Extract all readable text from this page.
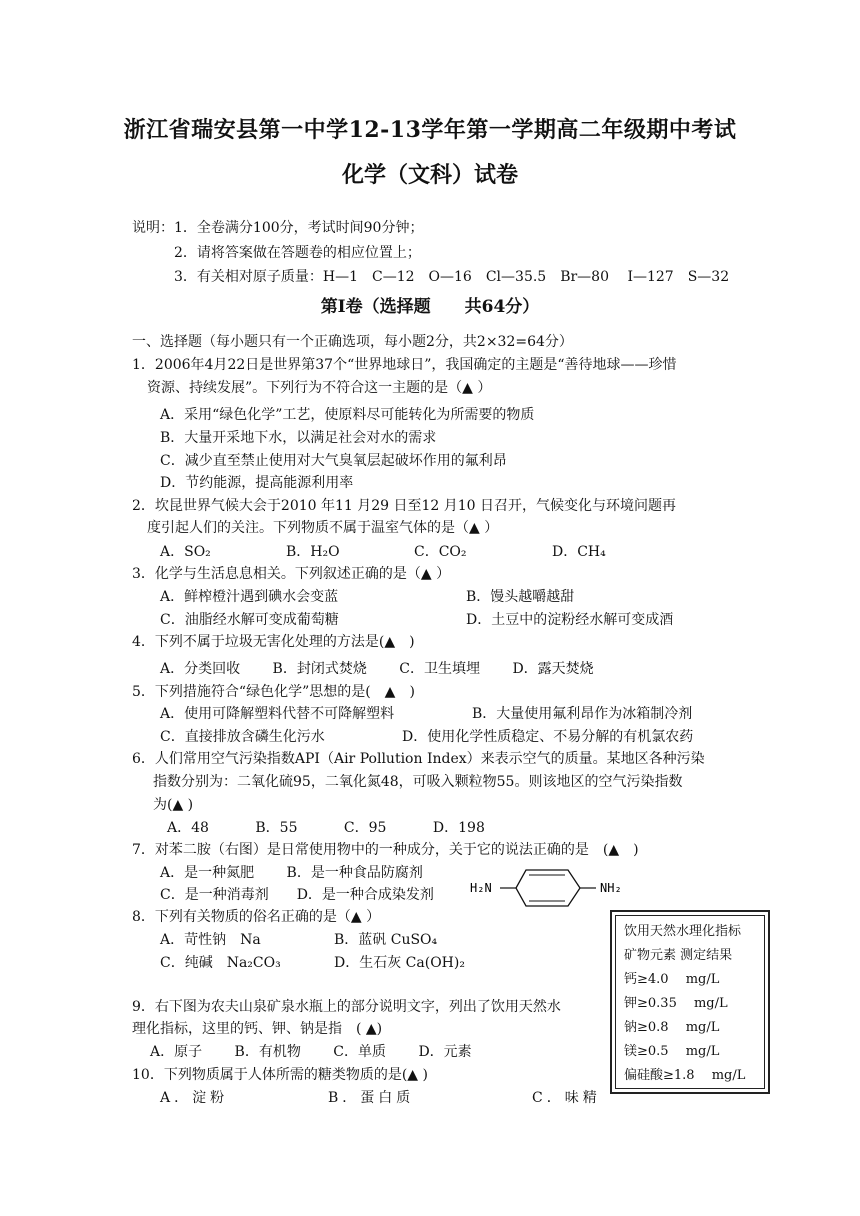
浙江省瑞安县第一中学12-13学年第一学期高二年级期中考试
化学（文科）试卷
说明：1．全卷满分100分，考试时间90分钟；
2．请将答案做在答题卷的相应位置上；
3．有关相对原子质量：H—1　C—12　O—16　Cl—35.5　Br—80　 I—127　S—32
第Ⅰ卷（选择题　　共64分）
一、选择题（每小题只有一个正确选项，每小题2分，共2×32=64分）
1．2006年4月22日是世界第37个“世界地球日”，我国确定的主题是“善待地球——珍惜
资源、持续发展”。下列行为不符合这一主题的是（▲ ）
A．采用“绿色化学”工艺，使原料尽可能转化为所需要的物质
B．大量开采地下水，以满足社会对水的需求
C．减少直至禁止使用对大气臭氧层起破坏作用的氟利昂
D．节约能源，提高能源利用率
2．坎昆世界气候大会于2010 年11 月29 日至12 月10 日召开，气候变化与环境问题再
度引起人们的关注。下列物质不属于温室气体的是（▲ ）
A．SO₂	B．H₂O	C．CO₂	D．CH₄
3．化学与生活息息相关。下列叙述正确的是（▲ ）
A．鲜榨橙汁遇到碘水会变蓝	B．馒头越嚼越甜
C．油脂经水解可变成葡萄糖	D．土豆中的淀粉经水解可变成酒
4．下列不属于垃圾无害化处理的方法是(▲　)
A．分类回收　　 B．封闭式焚烧　　 C．卫生填埋　　 D．露天焚烧
5．下列措施符合“绿色化学”思想的是(　▲　)
A．使用可降解塑料代替不可降解塑料	B．大量使用氟利昂作为冰箱制冷剂
C．直接排放含磷生化污水	D．使用化学性质稳定、不易分解的有机氯农药
6．人们常用空气污染指数API（Air Pollution Index）来表示空气的质量。某地区各种污染
指数分别为：二氧化硫95，二氧化氮48，可吸入颗粒物55。则该地区的空气污染指数
为(▲ )
A．48　　　 B．55　　　 C．95　　　 D．198
7．对苯二胺（右图）是日常使用物中的一种成分，关于它的说法正确的是　(▲　)
A．是一种氮肥　　 B．是一种食品防腐剂
C．是一种消毒剂　　D．是一种合成染发剂	H₂N	NH₂
8．下列有关物质的俗名正确的是（▲ ）
A．苛性钠　Na	B．蓝矾 CuSO₄
C．纯碱　Na₂CO₃	D．生石灰 Ca(OH)₂
9．右下图为农夫山泉矿泉水瓶上的部分说明文字，列出了饮用天然水
理化指标，这里的钙、钾、钠是指　( ▲)
A．原子　　 B．有机物　　 C．单质　　 D．元素
10．下列物质属于人体所需的糖类物质的是(▲ )
A．淀粉	B．蛋白质	C．味精
饮用天然水理化指标
矿物元素 测定结果
钙≥4.0　 mg/L
钾≥0.35　 mg/L
钠≥0.8　 mg/L
镁≥0.5　 mg/L
偏硅酸≥1.8　 mg/L
